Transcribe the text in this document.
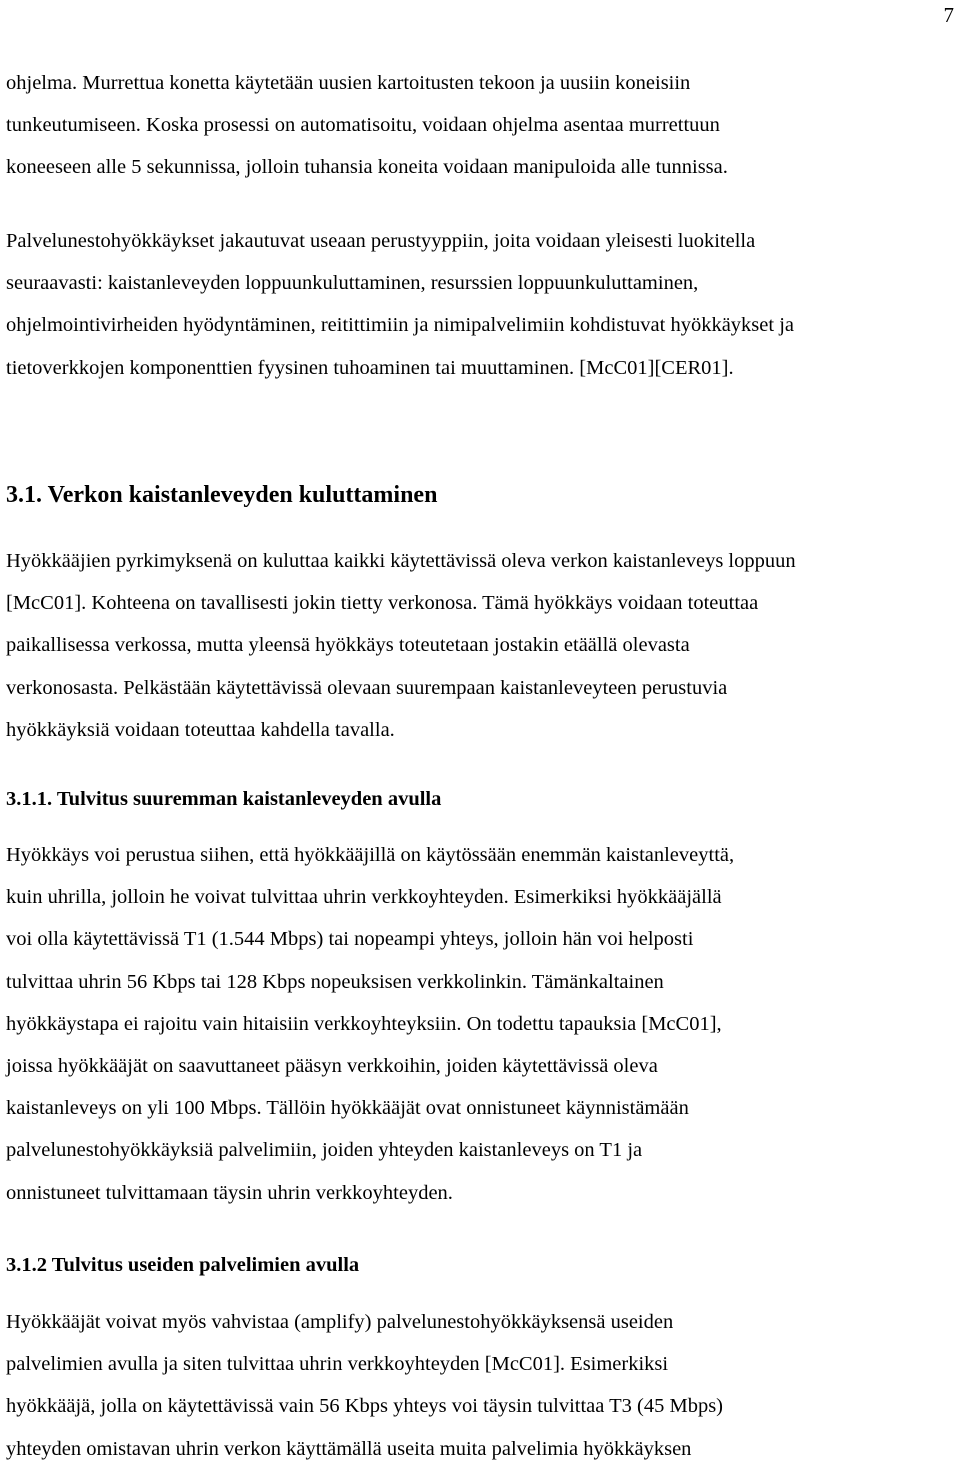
7
ohjelma. Murrettua konetta käytetään uusien kartoitusten tekoon ja uusiin koneisiin
tunkeutumiseen. Koska prosessi on automatisoitu, voidaan ohjelma asentaa murrettuun
koneeseen alle 5 sekunnissa, jolloin tuhansia koneita voidaan manipuloida alle tunnissa.
Palvelunestohyökkäykset jakautuvat useaan perustyyppiin, joita voidaan yleisesti luokitella
seuraavasti: kaistanleveyden loppuunkuluttaminen, resurssien loppuunkuluttaminen,
ohjelmointivirheiden hyödyntäminen, reitittimiin ja nimipalvelimiin kohdistuvat hyökkäykset ja
tietoverkkojen komponenttien fyysinen tuhoaminen tai muuttaminen. [McC01][CER01].
3.1. Verkon kaistanleveyden kuluttaminen
Hyökkääjien pyrkimyksenä on kuluttaa kaikki käytettävissä oleva verkon kaistanleveys loppuun
[McC01]. Kohteena on tavallisesti jokin tietty verkonosa. Tämä hyökkäys voidaan toteuttaa
paikallisessa verkossa, mutta yleensä hyökkäys toteutetaan jostakin etäällä olevasta
verkonosasta. Pelkästään käytettävissä olevaan suurempaan kaistanleveyteen perustuvia
hyökkäyksiä voidaan toteuttaa kahdella tavalla.
3.1.1. Tulvitus suuremman kaistanleveyden avulla
Hyökkäys voi perustua siihen, että hyökkääjillä on käytössään enemmän kaistanleveyttä,
kuin uhrilla, jolloin he voivat tulvittaa uhrin verkkoyhteyden. Esimerkiksi hyökkääjällä
voi olla käytettävissä T1 (1.544 Mbps) tai nopeampi yhteys, jolloin hän voi helposti
tulvittaa uhrin 56 Kbps tai 128 Kbps nopeuksisen verkkolinkin. Tämänkaltainen
hyökkäystapa ei rajoitu vain hitaisiin verkkoyhteyksiin. On todettu tapauksia [McC01],
joissa hyökkääjät on saavuttaneet pääsyn verkkoihin, joiden käytettävissä oleva
kaistanleveys on yli 100 Mbps. Tällöin hyökkääjät ovat onnistuneet käynnistämään
palvelunestohyökkäyksiä palvelimiin, joiden yhteyden kaistanleveys on T1 ja
onnistuneet tulvittamaan täysin uhrin verkkoyhteyden.
3.1.2 Tulvitus useiden palvelimien avulla
Hyökkääjät voivat myös vahvistaa (amplify) palvelunestohyökkäyksensä useiden
palvelimien avulla ja siten tulvittaa uhrin verkkoyhteyden [McC01]. Esimerkiksi
hyökkääjä, jolla on käytettävissä vain 56 Kbps yhteys voi täysin tulvittaa T3 (45 Mbps)
yhteyden omistavan uhrin verkon käyttämällä useita muita palvelimia hyökkäyksen
